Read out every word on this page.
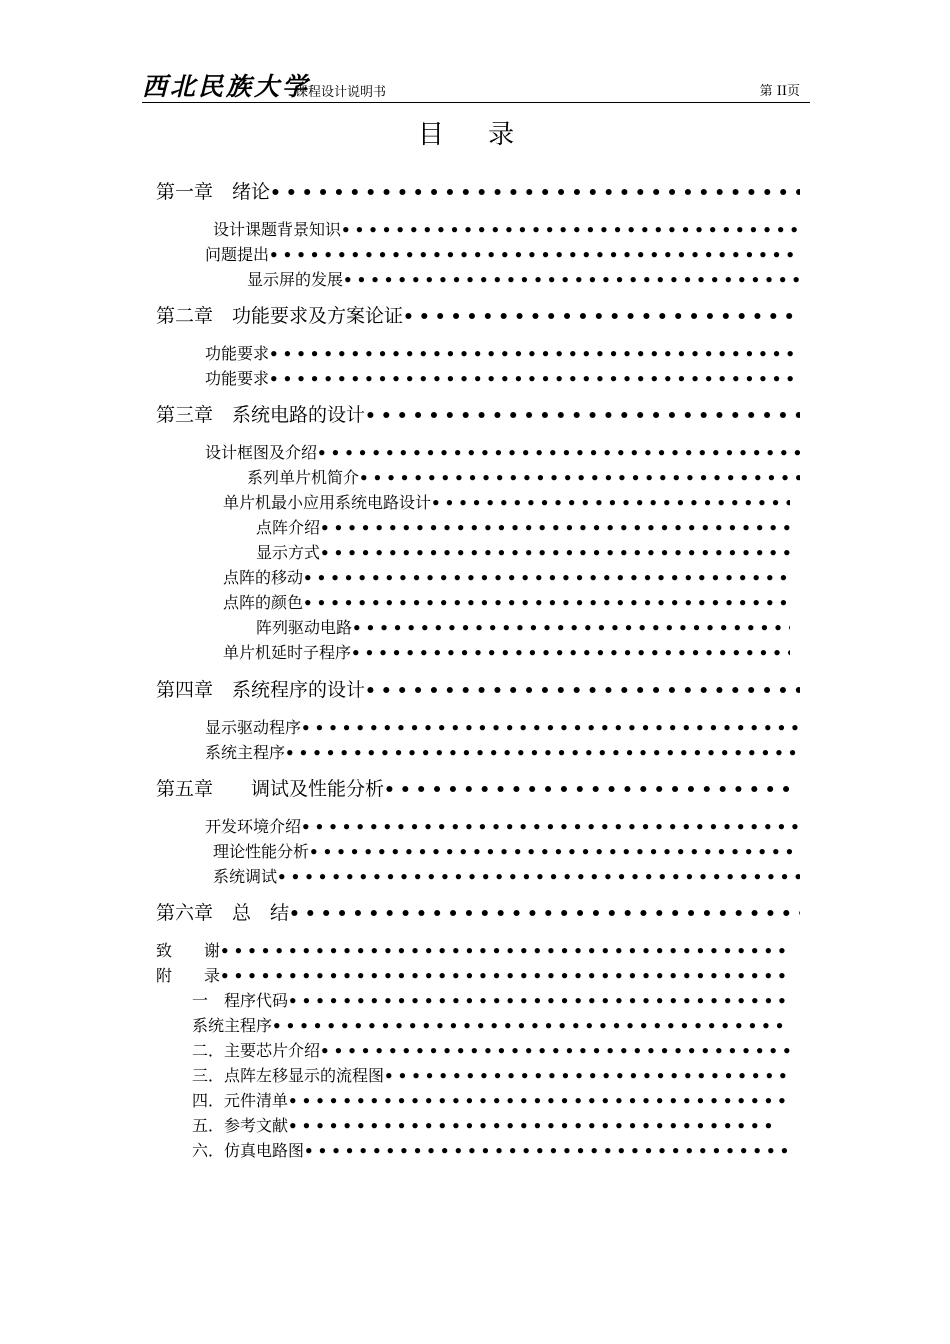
西北民族大学
课程设计说明书	第 II页
目 录
第一章　绪论
•••••
设计课题背景知识
•••••
问题提出
•••••
显示屏的发展
•••••
第二章　功能要求及方案论证
•••••
功能要求
•••••
功能要求
•••••
第三章　系统电路的设计
•••••
设计框图及介绍
•••••
系列单片机简介
•••••
单片机最小应用系统电路设计
•••••
点阵介绍
•••••
显示方式
•••••
点阵的移动
•••••
点阵的颜色
•••••
阵列驱动电路
•••••
单片机延时子程序
•••••
第四章　系统程序的设计
•••••
显示驱动程序
•••••
系统主程序
•••••
第五章　　调试及性能分析
•••••
开发环境介绍
•••••
理论性能分析
•••••
系统调试
•••••
第六章　总　结
•••••
致　　谢
•••••
附　　录
•••••
一　程序代码
•••••
系统主程序
•••••
二．主要芯片介绍
•••••
三．点阵左移显示的流程图
•••••
四．元件清单
•••••
五．参考文献
•••••
六．仿真电路图
•••••
